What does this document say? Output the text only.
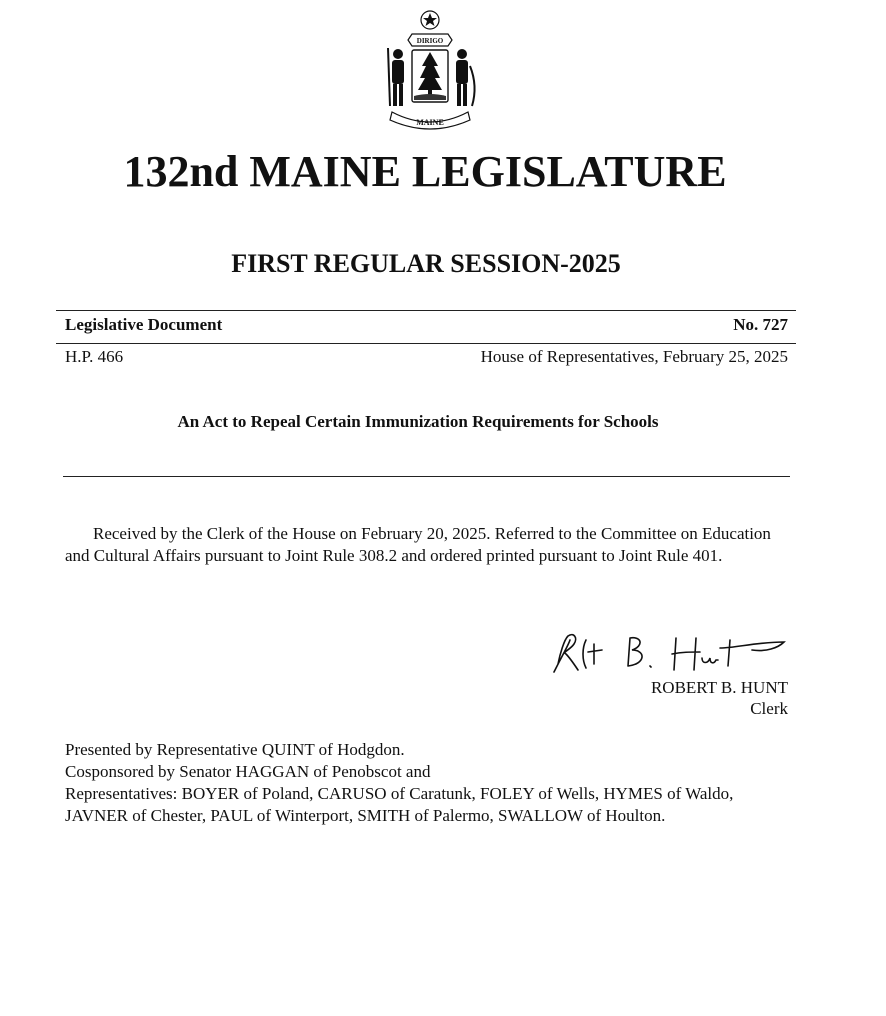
DIRIGO
MAINE
132nd MAINE LEGISLATURE
FIRST REGULAR SESSION-2025
Legislative Document	No. 727
H.P. 466	House of Representatives, February 25, 2025
An Act to Repeal Certain Immunization Requirements for Schools
Received by the Clerk of the House on February 20, 2025. Referred to the Committee on Education and Cultural Affairs pursuant to Joint Rule 308.2 and ordered printed pursuant to Joint Rule 401.
ROBERT B. HUNT
Clerk
Presented by Representative QUINT of Hodgdon.
Cosponsored by Senator HAGGAN of Penobscot and
Representatives: BOYER of Poland, CARUSO of Caratunk, FOLEY of Wells, HYMES of Waldo, JAVNER of Chester, PAUL of Winterport, SMITH of Palermo, SWALLOW of Houlton.
